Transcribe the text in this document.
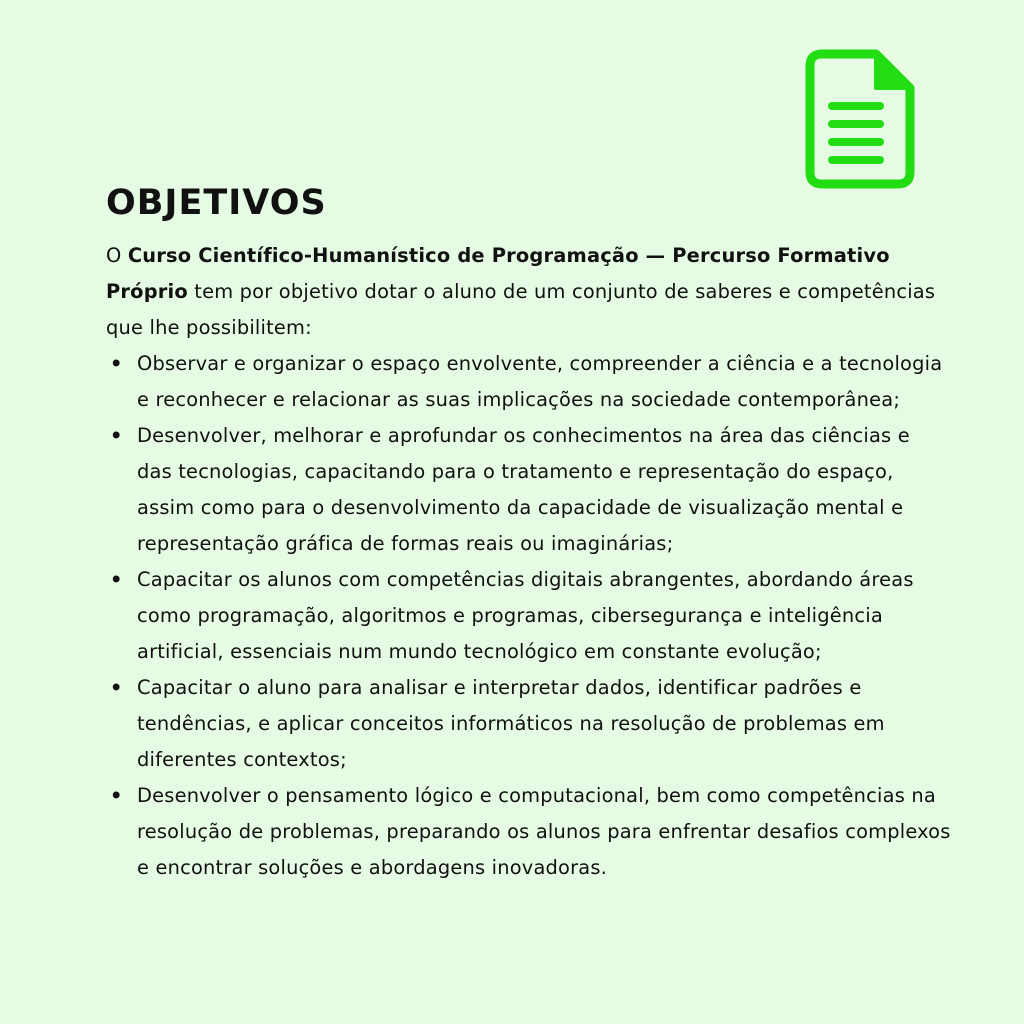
OBJETIVOS

O Curso Científico-Humanístico de Programação — Percurso Formativo Próprio tem por objetivo dotar o aluno de um conjunto de saberes e competências que lhe possibilitem:

• Observar e organizar o espaço envolvente, compreender a ciência e a tecnologia e reconhecer e relacionar as suas implicações na sociedade contemporânea;
• Desenvolver, melhorar e aprofundar os conhecimentos na área das ciências e das tecnologias, capacitando para o tratamento e representação do espaço, assim como para o desenvolvimento da capacidade de visualização mental e representação gráfica de formas reais ou imaginárias;
• Capacitar os alunos com competências digitais abrangentes, abordando áreas como programação, algoritmos e programas, cibersegurança e inteligência artificial, essenciais num mundo tecnológico em constante evolução;
• Capacitar o aluno para analisar e interpretar dados, identificar padrões e tendências, e aplicar conceitos informáticos na resolução de problemas em diferentes contextos;
• Desenvolver o pensamento lógico e computacional, bem como competências na resolução de problemas, preparando os alunos para enfrentar desafios complexos e encontrar soluções e abordagens inovadoras.
